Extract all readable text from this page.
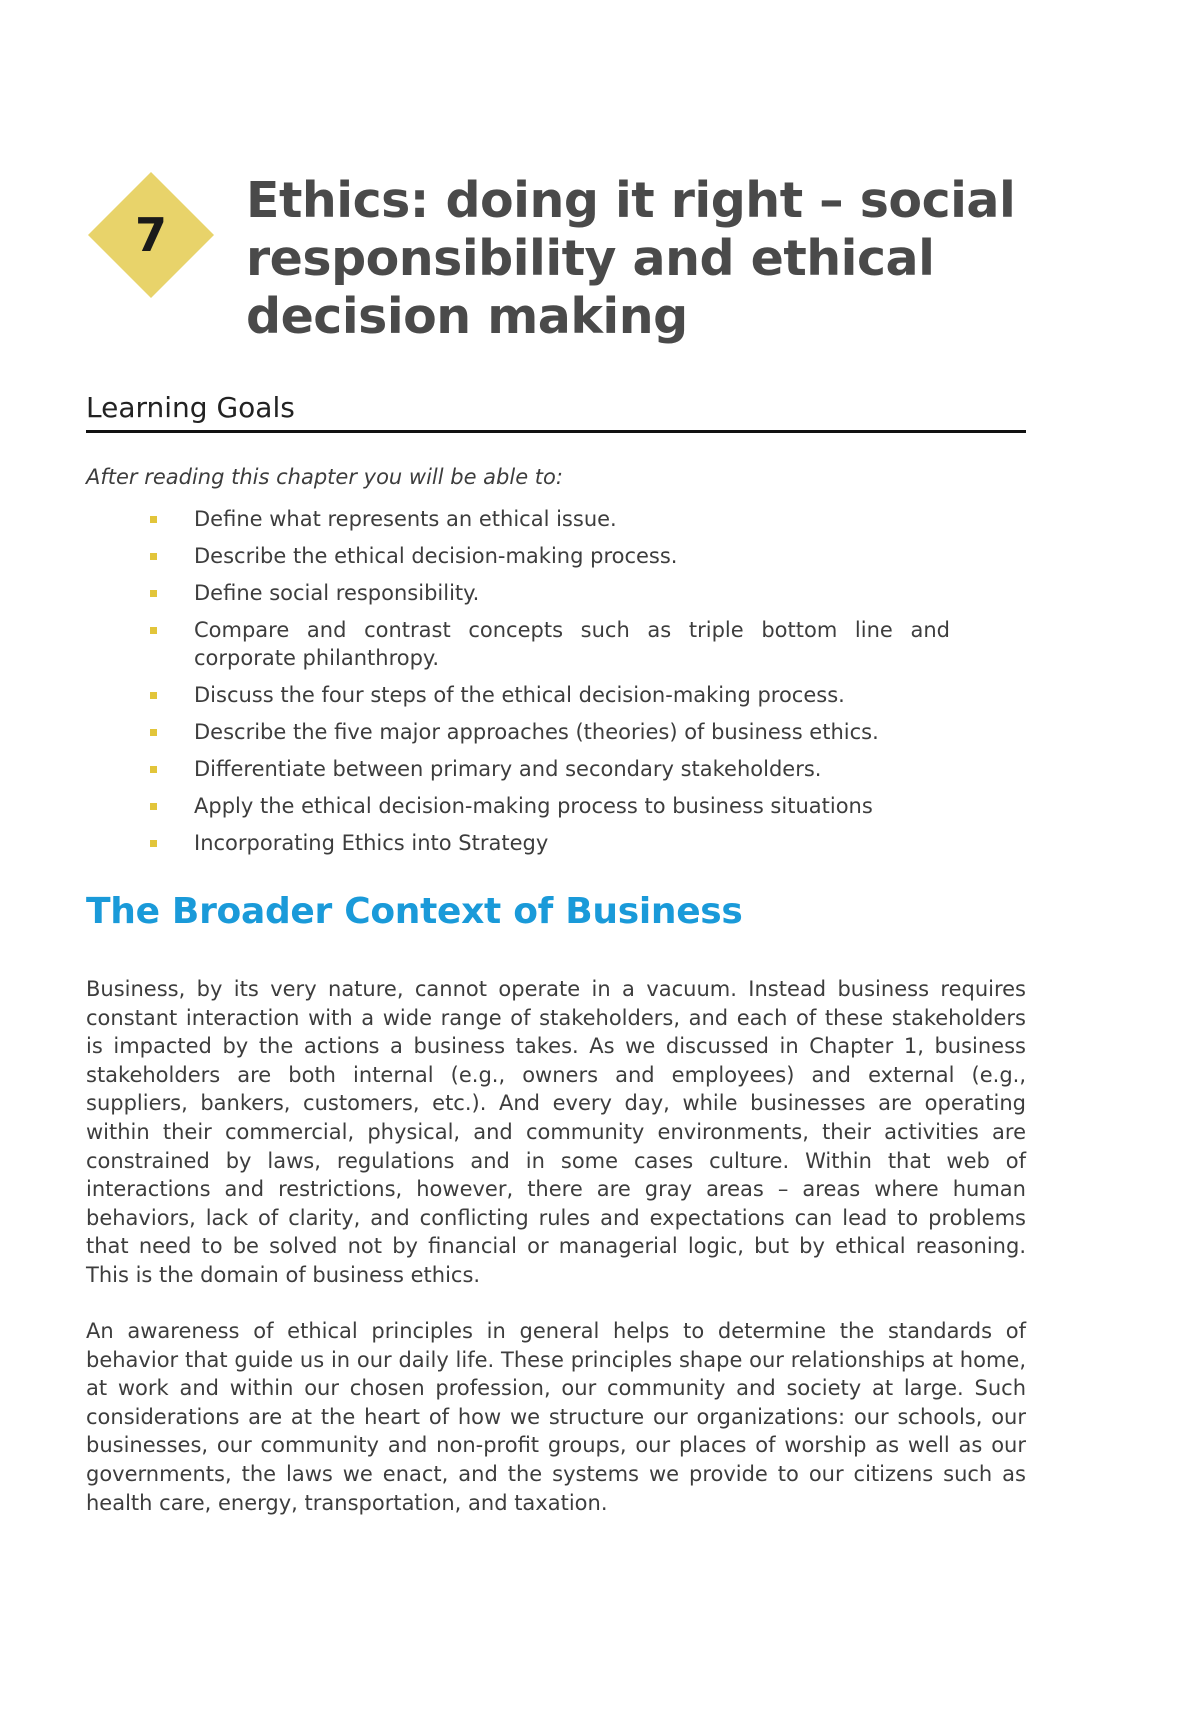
7
Ethics: doing it right – social responsibility and ethical decision making
Learning Goals

After reading this chapter you will be able to:

Define what represents an ethical issue.
Describe the ethical decision-making process.
Define social responsibility.
Compare and contrast concepts such as triple bottom line and corporate philanthropy.
Discuss the four steps of the ethical decision-making process.
Describe the five major approaches (theories) of business ethics.
Differentiate between primary and secondary stakeholders.
Apply the ethical decision-making process to business situations
Incorporating Ethics into Strategy
The Broader Context of Business

Business, by its very nature, cannot operate in a vacuum. Instead business requires constant interaction with a wide range of stakeholders, and each of these stakeholders is impacted by the actions a business takes. As we discussed in Chapter 1, business stakeholders are both internal (e.g., owners and employees) and external (e.g., suppliers, bankers, customers, etc.). And every day, while businesses are operating within their commercial, physical, and community environments, their activities are constrained by laws, regulations and in some cases culture. Within that web of interactions and restrictions, however, there are gray areas – areas where human behaviors, lack of clarity, and conflicting rules and expectations can lead to problems that need to be solved not by financial or managerial logic, but by ethical reasoning. This is the domain of business ethics.

An awareness of ethical principles in general helps to determine the standards of behavior that guide us in our daily life. These principles shape our relationships at home, at work and within our chosen profession, our community and society at large. Such considerations are at the heart of how we structure our organizations: our schools, our businesses, our community and non-profit groups, our places of worship as well as our governments, the laws we enact, and the systems we provide to our citizens such as health care, energy, transportation, and taxation.
